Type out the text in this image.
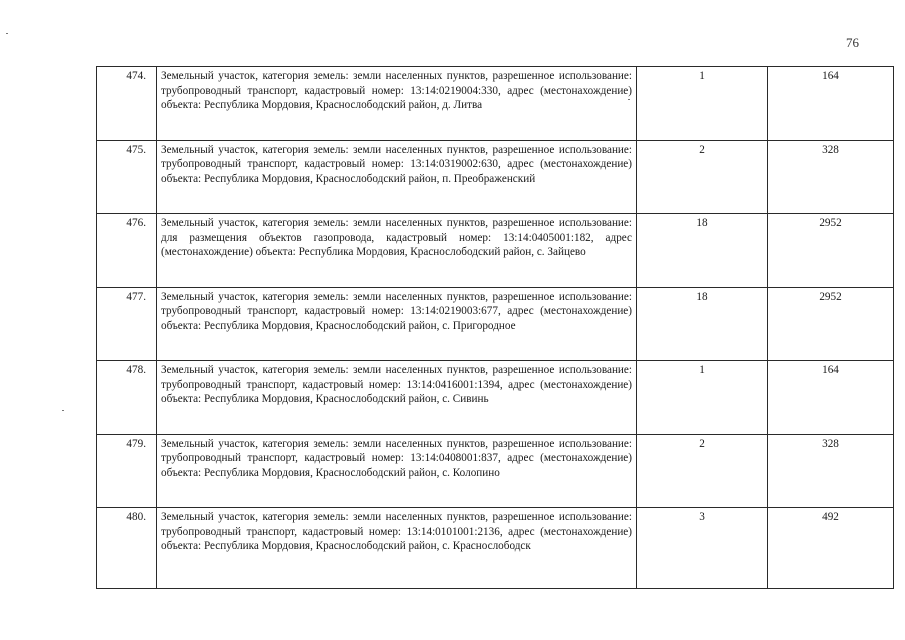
76
474.	Земельный участок, категория земель: земли населенных пунктов, разрешенное использование: трубопроводный транспорт, кадастровый номер: 13:14:0219004:330, адрес (местонахождение) объекта: Республика Мордовия, Краснослободский район, д. Литва	1	164

475.	Земельный участок, категория земель: земли населенных пунктов, разрешенное использование: трубопроводный транспорт, кадастровый номер: 13:14:0319002:630, адрес (местонахождение) объекта: Республика Мордовия, Краснослободский район, п. Преображенский	2	328

476.	Земельный участок, категория земель: земли населенных пунктов, разрешенное использование: для размещения объектов газопровода, кадастровый номер: 13:14:0405001:182, адрес (местонахождение) объекта: Республика Мордовия, Краснослободский район, с. Зайцево	18	2952

477.	Земельный участок, категория земель: земли населенных пунктов, разрешенное использование: трубопроводный транспорт, кадастровый номер: 13:14:0219003:677, адрес (местонахождение) объекта: Республика Мордовия, Краснослободский район, с. Пригородное	18	2952

478.	Земельный участок, категория земель: земли населенных пунктов, разрешенное использование: трубопроводный транспорт, кадастровый номер: 13:14:0416001:1394, адрес (местонахождение) объекта: Республика Мордовия, Краснослободский район, с. Сивинь	1	164

479.	Земельный участок, категория земель: земли населенных пунктов, разрешенное использование: трубопроводный транспорт, кадастровый номер: 13:14:0408001:837, адрес (местонахождение) объекта: Республика Мордовия, Краснослободский район, с. Колопино	2	328

480.	Земельный участок, категория земель: земли населенных пунктов, разрешенное использование: трубопроводный транспорт, кадастровый номер: 13:14:0101001:2136, адрес (местонахождение) объекта: Республика Мордовия, Краснослободский район, с. Краснослободск	3	492
